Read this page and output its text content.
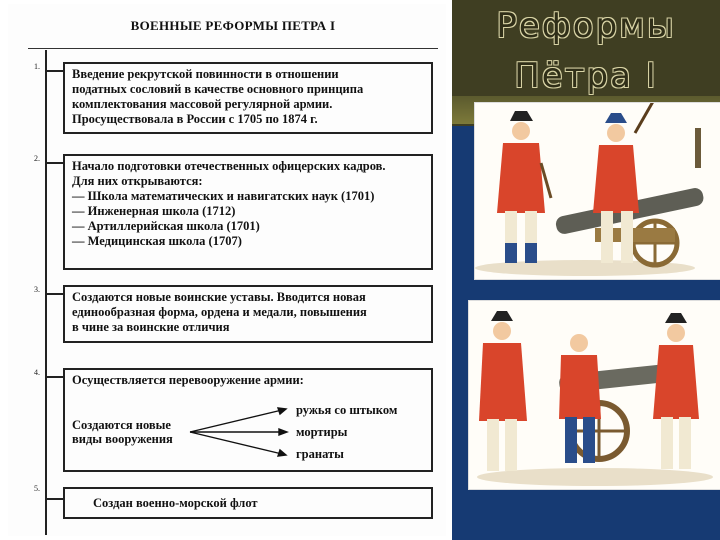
ВОЕННЫЕ РЕФОРМЫ ПЕТРА I
1.
Введение рекрутской повинности в отношении
податных сословий в качестве основного принципа
комплектования массовой регулярной армии.
Просуществовала в России с 1705 по 1874 г.
2.
Начало подготовки отечественных офицерских кадров.
Для них открываются:
— Школа математических и навигатских наук (1701)
— Инженерная школа (1712)
— Артиллерийская школа (1701)
— Медицинская школа (1707)
3.
Создаются новые воинские уставы. Вводится новая
единообразная форма, ордена и медали, повышения
в чине за воинские отличия
4.
Осуществляется перевооружение армии:
Создаются новые
виды вооружения
ружья со штыком
мортиры
гранаты
5.
Создан военно-морской флот
Реформы
Пётра I
